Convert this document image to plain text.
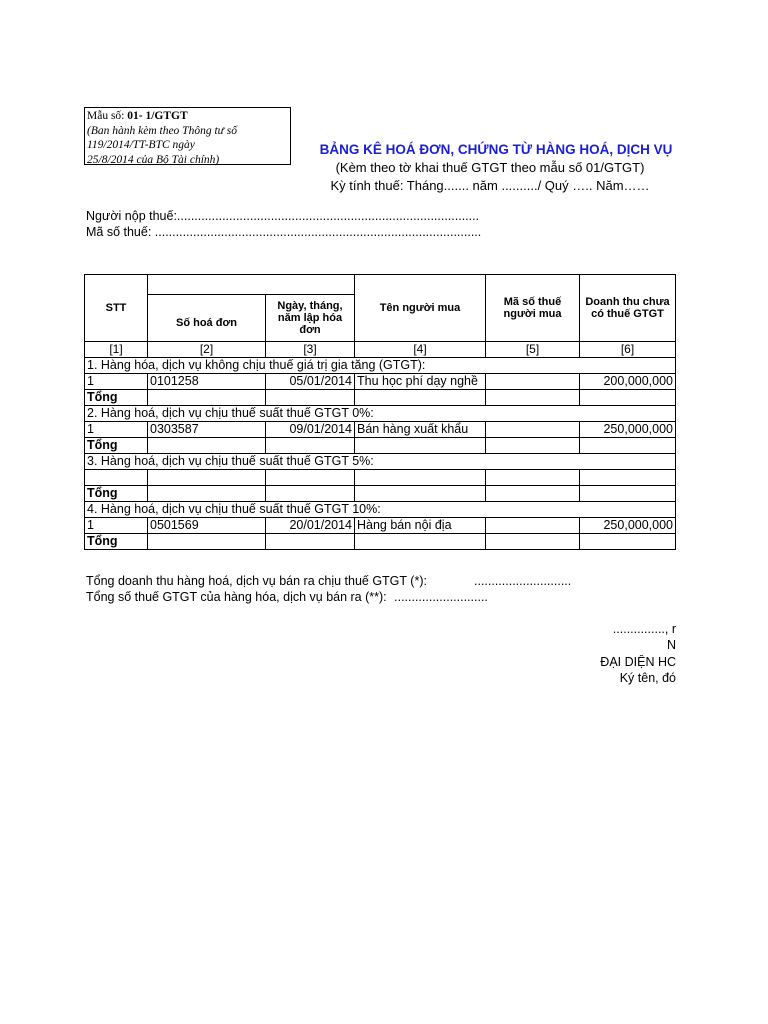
Mẫu số: 01- 1/GTGT
(Ban hành kèm theo Thông tư số
119/2014/TT-BTC ngày
25/8/2014 của Bộ Tài chính)
BẢNG KÊ HOÁ ĐƠN, CHỨNG TỪ HÀNG HOÁ, DỊCH VỤ
(Kèm theo tờ khai thuế GTGT theo mẫu số 01/GTGT)
Kỳ tính thuế: Tháng....... năm ........../ Quý ….. Năm……
Người nộp thuế:.......................................................................................
Mã số thuế: ..............................................................................................
STT			Tên người mua	Mã số thuế người mua	Doanh thu chưa có thuế GTGT
	Số hoá đơn	Ngày, tháng, năm lập hóa đơn			
[1]	[2]	[3]	[4]	[5]	[6]
1. Hàng hóa, dịch vụ không chịu thuế giá trị gia tăng (GTGT):					
1	0101258	05/01/2014	Thu học phí dạy nghề		200,000,000
Tổng					
2. Hàng hoá, dịch vụ chịu thuế suất thuế GTGT 0%:					
1	0303587	09/01/2014	Bán hàng xuất khẩu		250,000,000
Tổng					
3. Hàng hoá, dịch vụ chịu thuế suất thuế GTGT 5%:					

Tổng					
4. Hàng hoá, dịch vụ chịu thuế suất thuế GTGT 10%:					
1	0501569	20/01/2014	Hàng bán nội địa		250,000,000
Tổng					
Tổng doanh thu hàng hoá, dịch vụ bán ra chịu thuế GTGT (*):	............................
Tổng số thuế GTGT của hàng hóa, dịch vụ bán ra (**): ...........................
..............., r
N
ĐẠI DIỆN HC
Ký tên, đó
